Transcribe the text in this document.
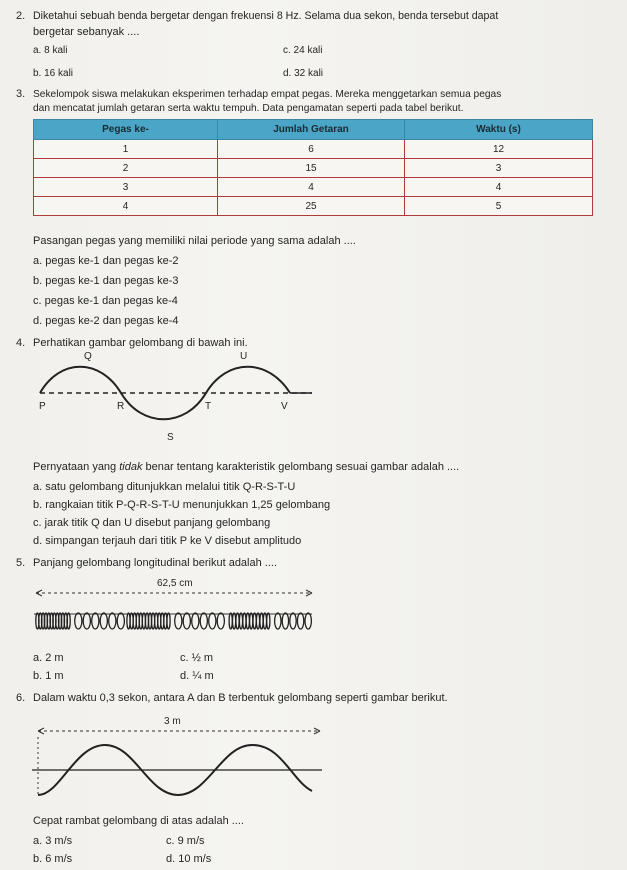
2. Diketahui sebuah benda bergetar dengan frekuensi 8 Hz. Selama dua sekon, benda tersebut dapat
bergetar sebanyak ....
a. 8 kali	c. 24 kali
b. 16 kali	d. 32 kali
3. Sekelompok siswa melakukan eksperimen terhadap empat pegas. Mereka menggetarkan semua pegas
dan mencatat jumlah getaran serta waktu tempuh. Data pengamatan seperti pada tabel berikut.
Pegas ke-	Jumlah Getaran	Waktu (s)
1	6	12
2	15	3
3	4	4
4	25	5
Pasangan pegas yang memiliki nilai periode yang sama adalah ....
a. pegas ke-1 dan pegas ke-2
b. pegas ke-1 dan pegas ke-3
c. pegas ke-1 dan pegas ke-4
d. pegas ke-2 dan pegas ke-4
4. Perhatikan gambar gelombang di bawah ini.
Q	U
P	R	T	V
S
Pernyataan yang tidak benar tentang karakteristik gelombang sesuai gambar adalah ....
a. satu gelombang ditunjukkan melalui titik Q-R-S-T-U
b. rangkaian titik P-Q-R-S-T-U menunjukkan 1,25 gelombang
c. jarak titik Q dan U disebut panjang gelombang
d. simpangan terjauh dari titik P ke V disebut amplitudo
5. Panjang gelombang longitudinal berikut adalah ....
62,5 cm
a. 2 m	c. ½ m
b. 1 m	d. ¼ m
6. Dalam waktu 0,3 sekon, antara A dan B terbentuk gelombang seperti gambar berikut.
3 m
Cepat rambat gelombang di atas adalah ....
a. 3 m/s	c. 9 m/s
b. 6 m/s	d. 10 m/s
